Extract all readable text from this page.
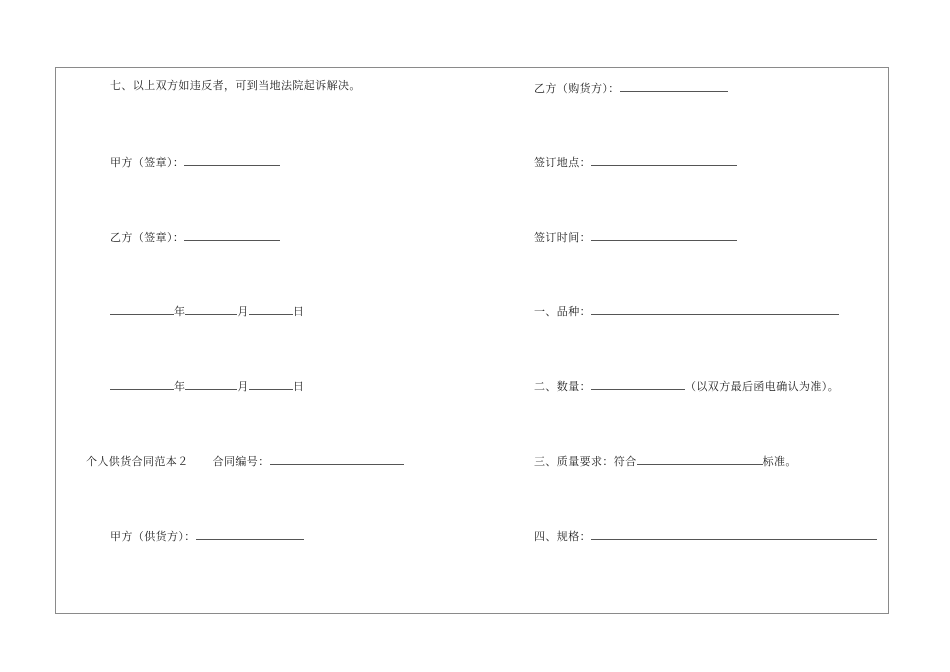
七、以上双方如违反者，可到当地法院起诉解决。
甲方（签章）：
乙方（签章）：
年	月	日
年	月	日
个人供货合同范本２ 合同编号：
甲方（供货方）：
乙方（购货方）：
签订地点：
签订时间：
一、品种：
二、数量：	（以双方最后函电确认为准）。
三、质量要求：符合	标准。
四、规格：
